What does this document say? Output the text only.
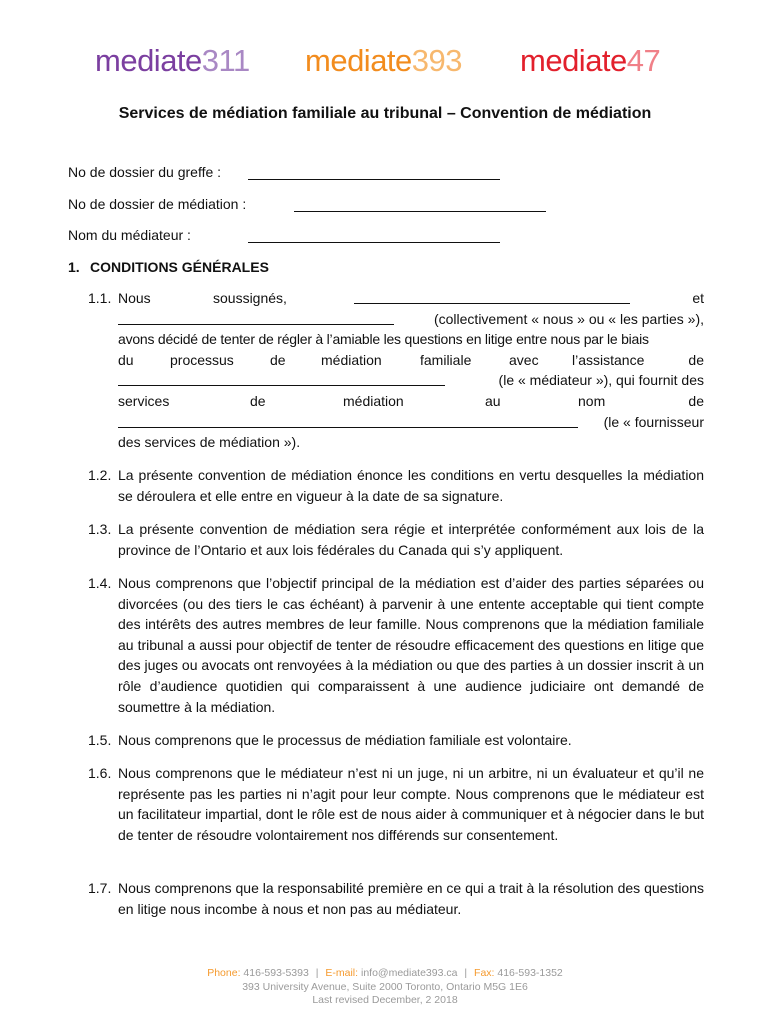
mediate311 mediate393 mediate47
Services de médiation familiale au tribunal – Convention de médiation
No de dossier du greffe :
No de dossier de médiation :
Nom du médiateur :
1. CONDITIONS GÉNÉRALES
1.1. Nous	soussignés,	et
(collectivement « nous » ou « les parties »),
avons décidé de tenter de régler à l’amiable les questions en litige entre nous par le biais
du	processus	de	médiation	familiale	avec l’assistance	de
(le « médiateur »), qui fournit des
services	de	médiation	au	nom	de
(le « fournisseur
des services de médiation »).
1.2. La présente convention de médiation énonce les conditions en vertu desquelles la médiation se déroulera et elle entre en vigueur à la date de sa signature.
1.3. La présente convention de médiation sera régie et interprétée conformément aux lois de la province de l’Ontario et aux lois fédérales du Canada qui s’y appliquent.
1.4. Nous comprenons que l’objectif principal de la médiation est d’aider des parties séparées ou divorcées (ou des tiers le cas échéant) à parvenir à une entente acceptable qui tient compte des intérêts des autres membres de leur famille. Nous comprenons que la médiation familiale au tribunal a aussi pour objectif de tenter de résoudre efficacement des questions en litige que des juges ou avocats ont renvoyées à la médiation ou que des parties à un dossier inscrit à un rôle d’audience quotidien qui comparaissent à une audience judiciaire ont demandé de soumettre à la médiation.
1.5. Nous comprenons que le processus de médiation familiale est volontaire.
1.6. Nous comprenons que le médiateur n’est ni un juge, ni un arbitre, ni un évaluateur et qu’il ne représente pas les parties ni n’agit pour leur compte. Nous comprenons que le médiateur est un facilitateur impartial, dont le rôle est de nous aider à communiquer et à négocier dans le but de tenter de résoudre volontairement nos différends sur consentement.
1.7. Nous comprenons que la responsabilité première en ce qui a trait à la résolution des questions en litige nous incombe à nous et non pas au médiateur.
Phone: 416-593-5393 | E-mail: info@mediate393.ca | Fax: 416-593-1352
393 University Avenue, Suite 2000 Toronto, Ontario M5G 1E6
Last revised December, 2 2018
